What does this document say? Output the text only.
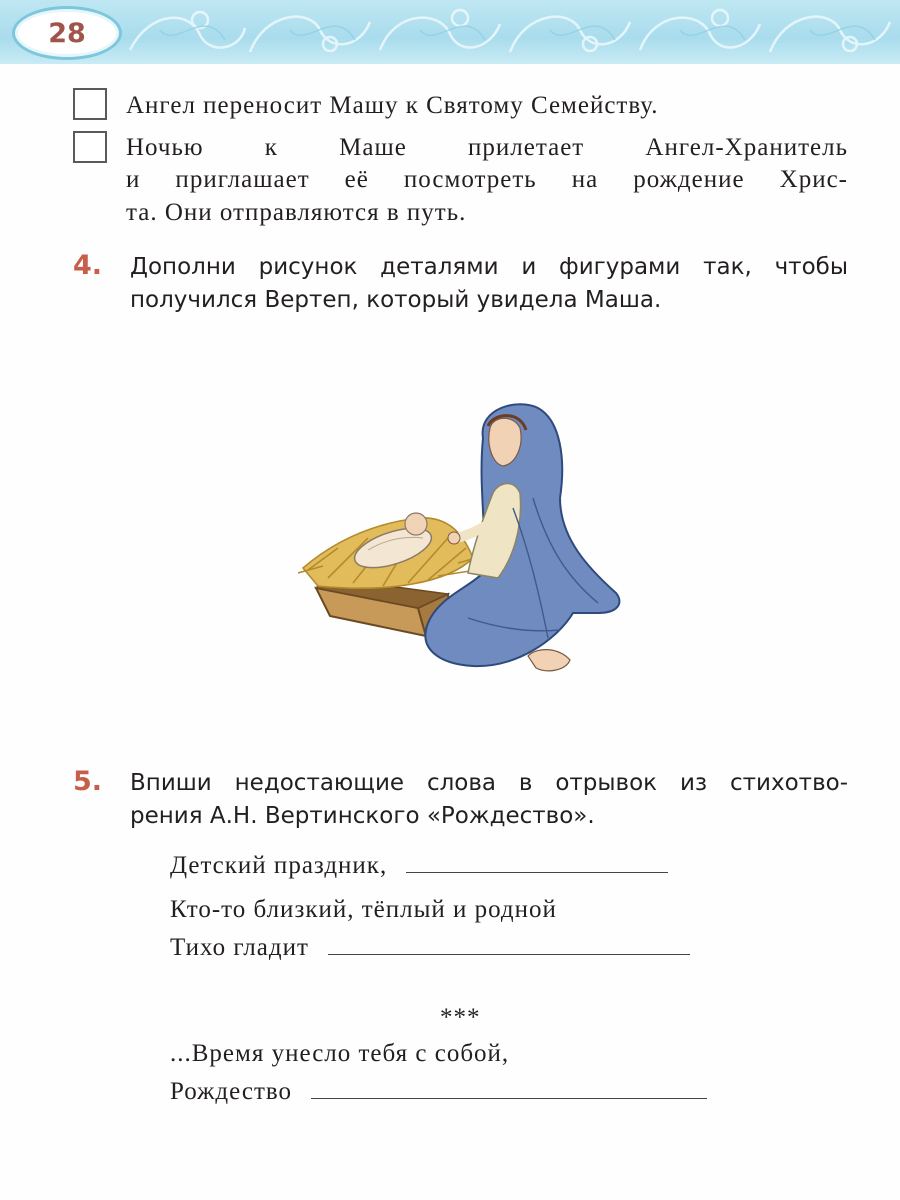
28
Ангел переносит Машу к Святому Семейству.
Ночью к Маше прилетает Ангел-Хранитель
и приглашает её посмотреть на рождение Хрис-
та. Они отправляются в путь.
4. Дополни рисунок деталями и фигурами так, чтобы
получился Вертеп, который увидела Маша.
5. Впиши недостающие слова в отрывок из стихотво-
рения А.Н. Вертинского «Рождество».
Детский праздник,
Кто-то близкий, тёплый и родной
Тихо гладит
***
...Время унесло тебя с собой,
Рождество
